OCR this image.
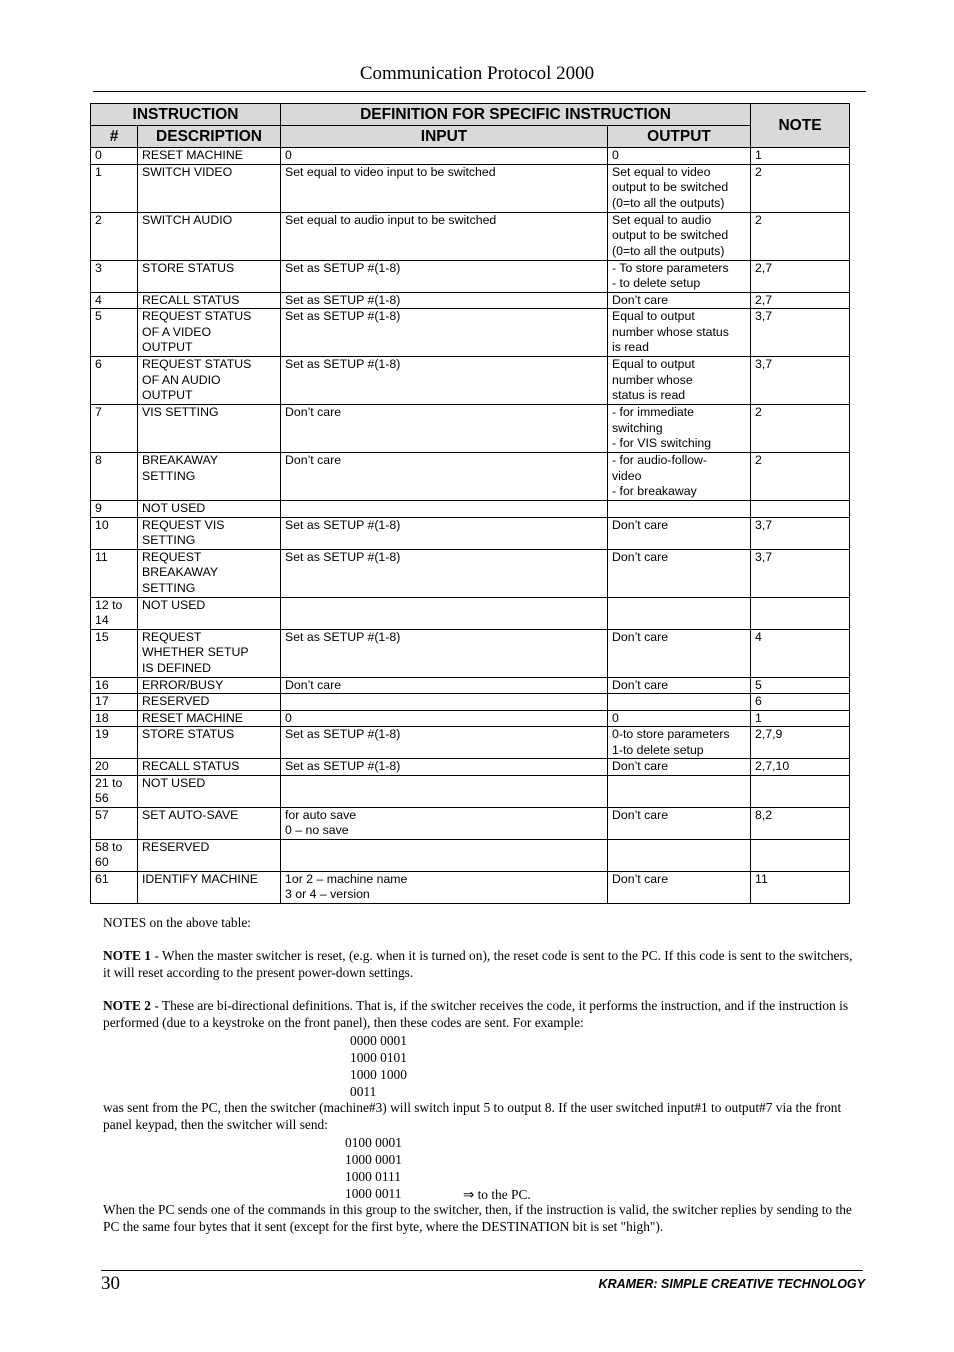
Communication Protocol 2000
INSTRUCTION		DEFINITION FOR SPECIFIC INSTRUCTION		NOTE
#	DESCRIPTION	INPUT	OUTPUT	
0	RESET MACHINE	0	0	1
1	SWITCH VIDEO	Set equal to video input to be switched	Set equal to video
output to be switched
(0=to all the outputs)	2
2	SWITCH AUDIO	Set equal to audio input to be switched	Set equal to audio
output to be switched
(0=to all the outputs)	2
3	STORE STATUS	Set as SETUP #(1-8)	- To store parameters
- to delete setup	2,7
4	RECALL STATUS	Set as SETUP #(1-8)	Don’t care	2,7
5	REQUEST STATUS
OF A VIDEO
OUTPUT	Set as SETUP #(1-8)	Equal to output
number whose status
is read	3,7
6	REQUEST STATUS
OF AN AUDIO
OUTPUT	Set as SETUP #(1-8)	Equal to output
number whose
status is read	3,7
7	VIS SETTING	Don’t care	- for immediate
switching
- for VIS switching	2
8	BREAKAWAY
SETTING	Don’t care	- for audio-follow-
video
- for breakaway	2
9	NOT USED			
10	REQUEST VIS
SETTING	Set as SETUP #(1-8)	Don’t care	3,7
11	REQUEST
BREAKAWAY
SETTING	Set as SETUP #(1-8)	Don’t care	3,7
12 to
14	NOT USED			
15	REQUEST
WHETHER SETUP
IS DEFINED	Set as SETUP #(1-8)	Don’t care	4
16	ERROR/BUSY	Don’t care	Don’t care	5
17	RESERVED			6
18	RESET MACHINE	0	0	1
19	STORE STATUS	Set as SETUP #(1-8)	0-to store parameters
1-to delete setup	2,7,9
20	RECALL STATUS	Set as SETUP #(1-8)	Don’t care	2,7,10
21 to
56	NOT USED			
57	SET AUTO-SAVE	for auto save
0 – no save	Don’t care	8,2
58 to
60	RESERVED			
61	IDENTIFY MACHINE	1or 2 – machine name
3 or 4 – version	Don’t care	11

NOTES on the above table:

NOTE 1 - When the master switcher is reset, (e.g. when it is turned on), the reset code is sent to the PC. If this code is sent to the switchers, it will reset according to the present power-down settings.

NOTE 2 - These are bi-directional definitions. That is, if the switcher receives the code, it performs the instruction, and if the instruction is performed (due to a keystroke on the front panel), then these codes are sent. For example:

was sent from the PC, then the switcher (machine#3) will switch input 5 to output 8. If the user switched input#1 to output#7 via the front panel keypad, then the switcher will send:

When the PC sends one of the commands in this group to the switcher, then, if the instruction is valid, the switcher replies by sending to the PC the same four bytes that it sent (except for the first byte, where the DESTINATION bit is set "high").

0000 0001
1000 0101
1000 1000
0011
0100 0001
1000 0001
1000 0111
1000 0011	⇒ to the PC.
30	KRAMER: SIMPLE CREATIVE TECHNOLOGY
